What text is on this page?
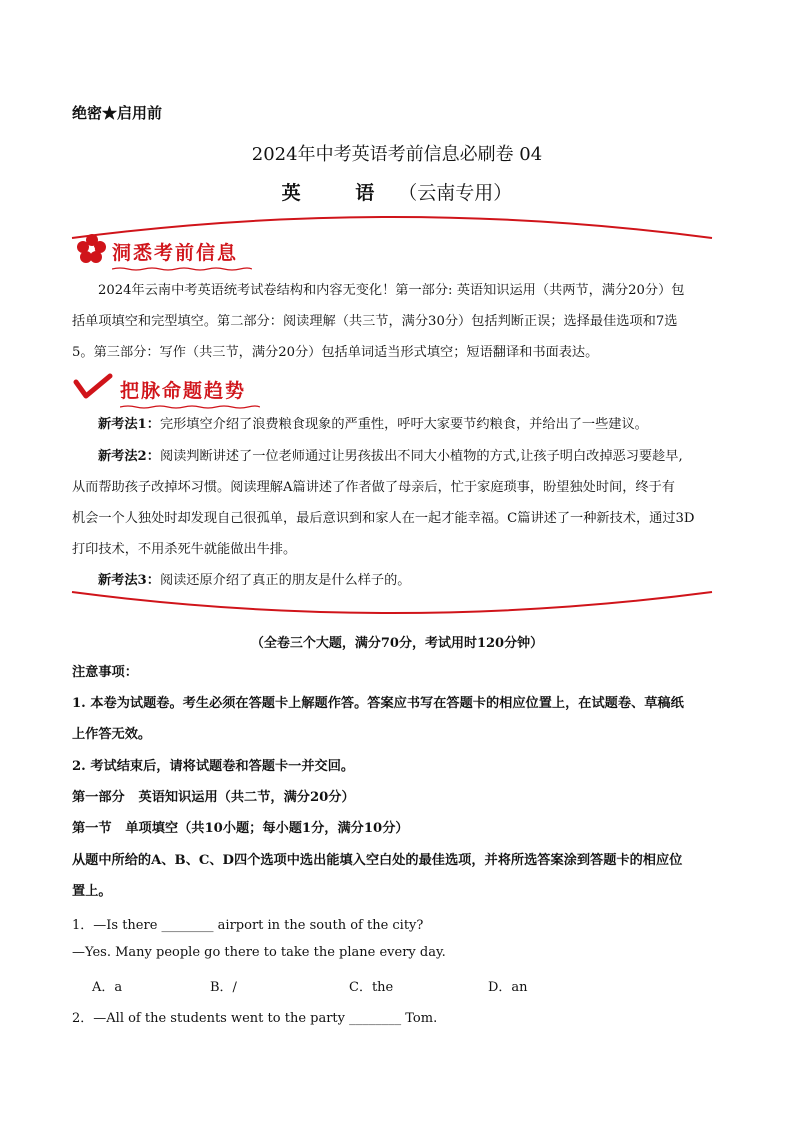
绝密★启用前
2024年中考英语考前信息必刷卷 04
英 语（云南专用）
洞悉考前信息
2024年云南中考英语统考试卷结构和内容无变化！第一部分: 英语知识运用（共两节，满分20分）包
括单项填空和完型填空。第二部分：阅读理解（共三节，满分30分）包括判断正误；选择最佳选项和7选
5。第三部分：写作（共三节，满分20分）包括单词适当形式填空；短语翻译和书面表达。
把脉命题趋势
新考法1：完形填空介绍了浪费粮食现象的严重性，呼吁大家要节约粮食，并给出了一些建议。
新考法2：阅读判断讲述了一位老师通过让男孩拔出不同大小植物的方式,让孩子明白改掉恶习要趁早,
从而帮助孩子改掉坏习惯。阅读理解A篇讲述了作者做了母亲后，忙于家庭琐事，盼望独处时间，终于有
机会一个人独处时却发现自己很孤单，最后意识到和家人在一起才能幸福。C篇讲述了一种新技术，通过3D
打印技术，不用杀死牛就能做出牛排。
新考法3：阅读还原介绍了真正的朋友是什么样子的。
（全卷三个大题，满分70分，考试用时120分钟）
注意事项：
1. 本卷为试题卷。考生必须在答题卡上解题作答。答案应书写在答题卡的相应位置上，在试题卷、草稿纸
上作答无效。
2. 考试结束后，请将试题卷和答题卡一并交回。
第一部分   英语知识运用（共二节，满分20分）
第一节   单项填空（共10小题；每小题1分，满分10分）
从题中所给的A、B、C、D四个选项中选出能填入空白处的最佳选项，并将所选答案涂到答题卡的相应位
置上。
1．—Is there ________ airport in the south of the city?
—Yes. Many people go there to take the plane every day.
A．a	B．/	C．the	D．an
2．—All of the students went to the party ________ Tom.
